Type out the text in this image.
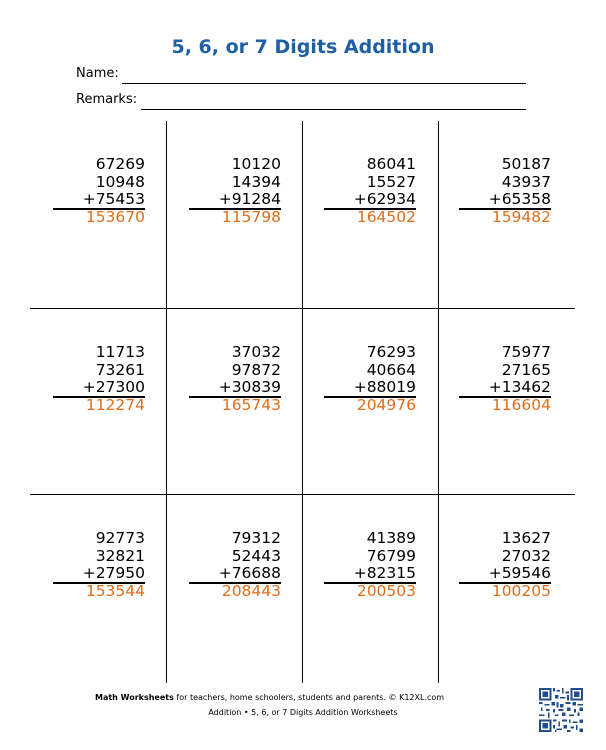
5, 6, or 7 Digits Addition
Name:
Remarks:
67269
10948
+75453
153670
10120
14394
+91284
115798
86041
15527
+62934
164502
50187
43937
+65358
159482
11713
73261
+27300
112274
37032
97872
+30839
165743
76293
40664
+88019
204976
75977
27165
+13462
116604
92773
32821
+27950
153544
79312
52443
+76688
208443
41389
76799
+82315
200503
13627
27032
+59546
100205
Math Worksheets for teachers, home schoolers, students and parents. © K12XL.com
Addition • 5, 6, or 7 Digits Addition Worksheets
